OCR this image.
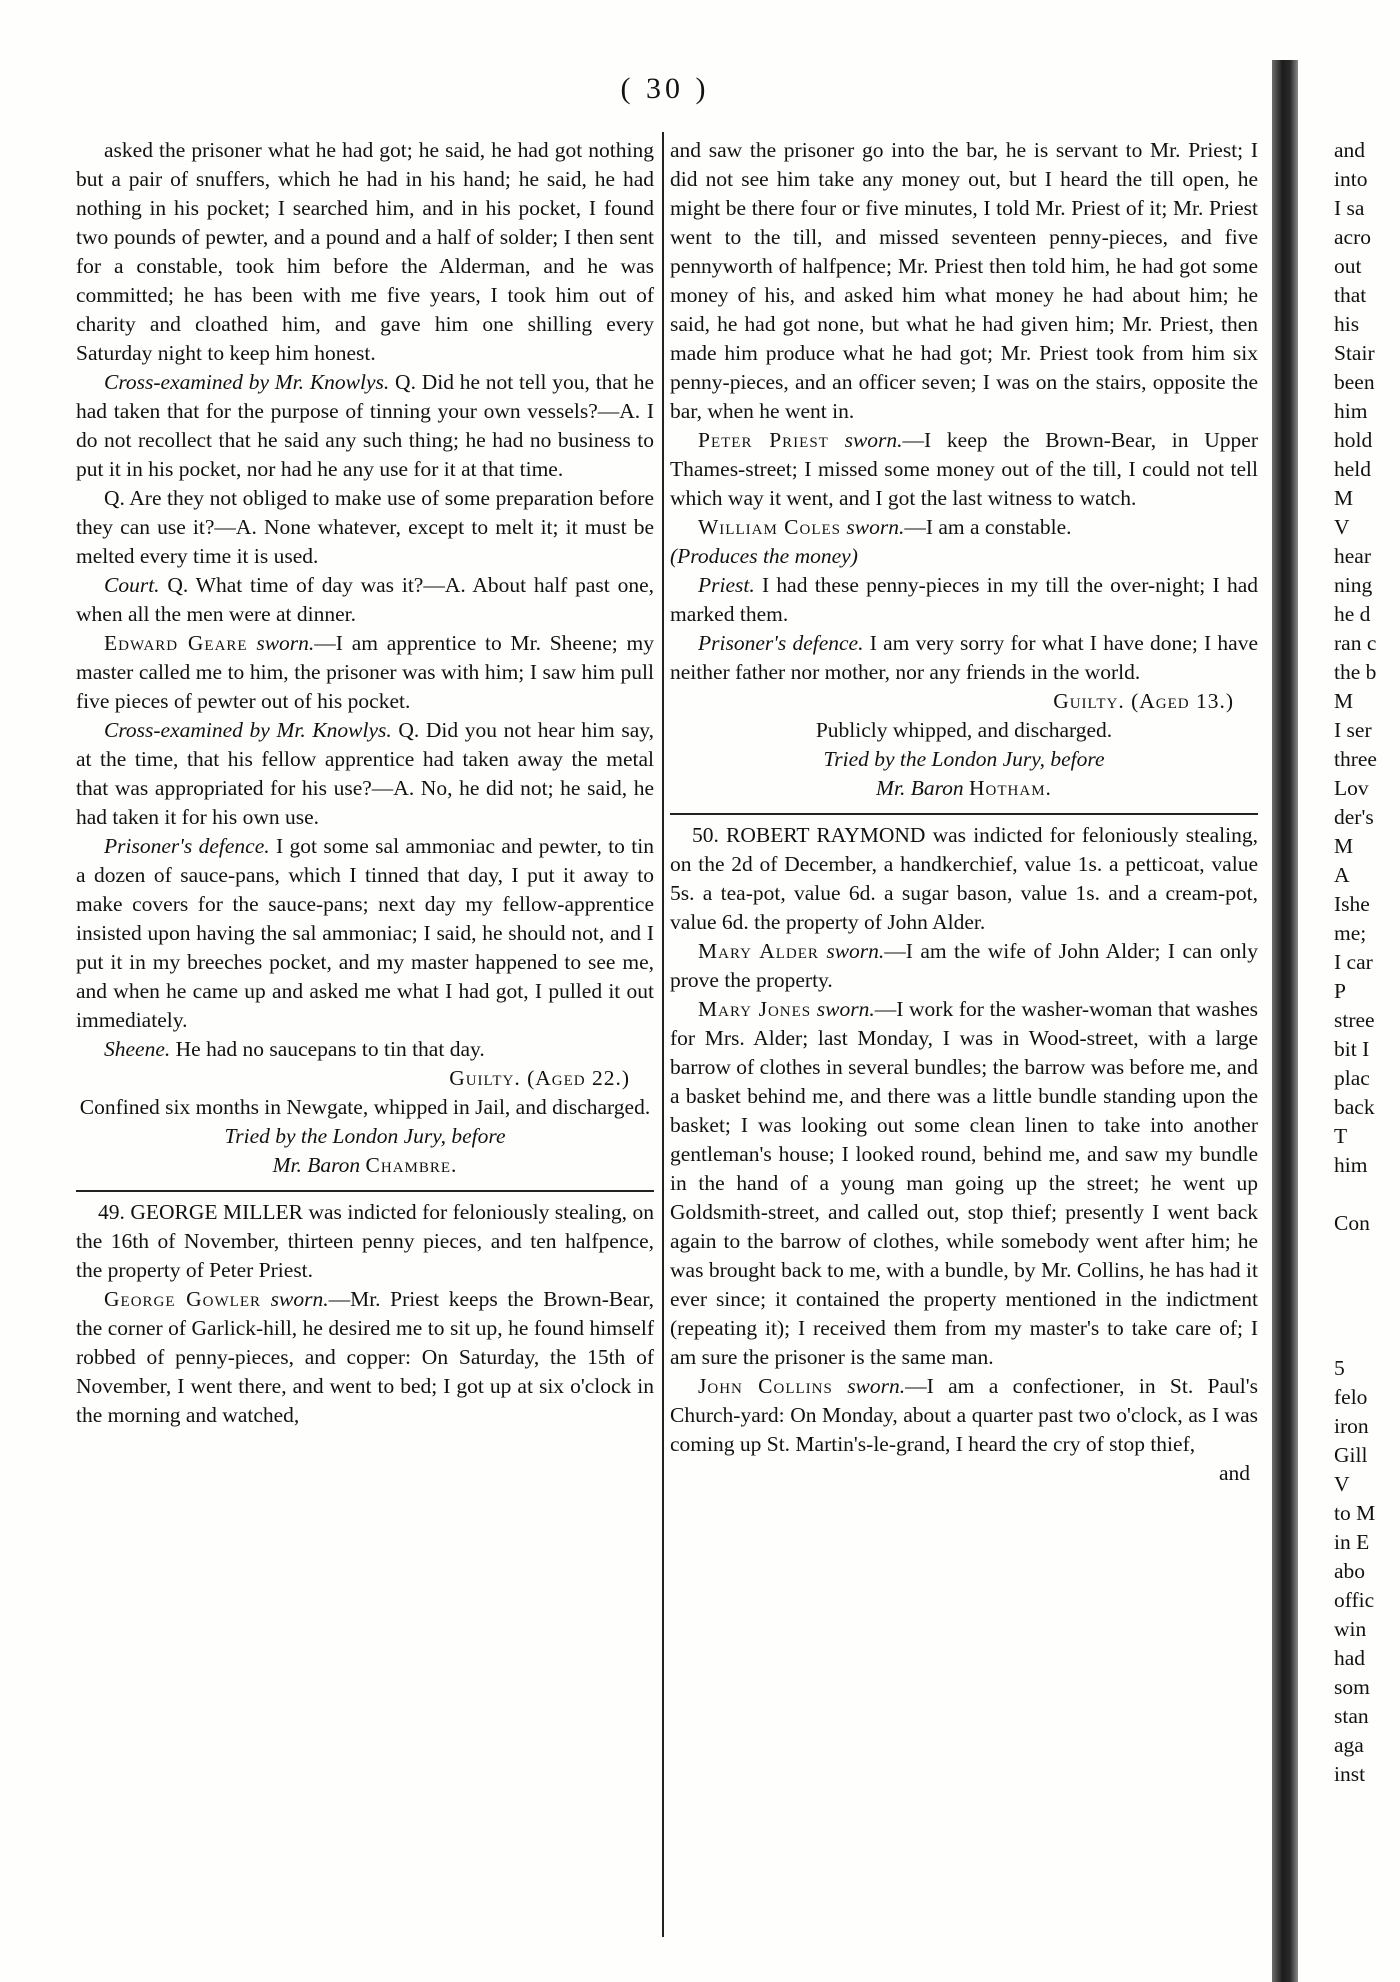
( 30 )

asked the prisoner what he had got; he said, he had got nothing but a pair of snuffers, which he had in his hand; he said, he had nothing in his pocket; I searched him, and in his pocket, I found two pounds of pewter, and a pound and a half of solder; I then sent for a constable, took him before the Alderman, and he was committed; he has been with me five years, I took him out of charity and cloathed him, and gave him one shilling every Saturday night to keep him honest.

Cross-examined by Mr. Knowlys. Q. Did he not tell you, that he had taken that for the purpose of tinning your own vessels?—A. I do not recollect that he said any such thing; he had no business to put it in his pocket, nor had he any use for it at that time.

Q. Are they not obliged to make use of some preparation before they can use it?—A. None whatever, except to melt it; it must be melted every time it is used.

Court. Q. What time of day was it?—A. About half past one, when all the men were at dinner.

Edward Geare sworn.—I am apprentice to Mr. Sheene; my master called me to him, the prisoner was with him; I saw him pull five pieces of pewter out of his pocket.

Cross-examined by Mr. Knowlys. Q. Did you not hear him say, at the time, that his fellow apprentice had taken away the metal that was appropriated for his use?—A. No, he did not; he said, he had taken it for his own use.

Prisoner's defence. I got some sal ammoniac and pewter, to tin a dozen of sauce-pans, which I tinned that day, I put it away to make covers for the sauce-pans; next day my fellow-apprentice insisted upon having the sal ammoniac; I said, he should not, and I put it in my breeches pocket, and my master happened to see me, and when he came up and asked me what I had got, I pulled it out immediately.

Sheene. He had no saucepans to tin that day.

Guilty. (Aged 22.)

Confined six months in Newgate, whipped in Jail, and discharged.

Tried by the London Jury, before

Mr. Baron Chambre.

49. GEORGE MILLER was indicted for feloniously stealing, on the 16th of November, thirteen penny pieces, and ten halfpence, the property of Peter Priest.

George Gowler sworn.—Mr. Priest keeps the Brown-Bear, the corner of Garlick-hill, he desired me to sit up, he found himself robbed of penny-pieces, and copper: On Saturday, the 15th of November, I went there, and went to bed; I got up at six o'clock in the morning and watched,

and saw the prisoner go into the bar, he is servant to Mr. Priest; I did not see him take any money out, but I heard the till open, he might be there four or five minutes, I told Mr. Priest of it; Mr. Priest went to the till, and missed seventeen penny-pieces, and five pennyworth of halfpence; Mr. Priest then told him, he had got some money of his, and asked him what money he had about him; he said, he had got none, but what he had given him; Mr. Priest, then made him produce what he had got; Mr. Priest took from him six penny-pieces, and an officer seven; I was on the stairs, opposite the bar, when he went in.

Peter Priest sworn.—I keep the Brown-Bear, in Upper Thames-street; I missed some money out of the till, I could not tell which way it went, and I got the last witness to watch.

William Coles sworn.—I am a constable.

(Produces the money)

Priest. I had these penny-pieces in my till the over-night; I had marked them.

Prisoner's defence. I am very sorry for what I have done; I have neither father nor mother, nor any friends in the world.

Guilty. (Aged 13.)

Publicly whipped, and discharged.

Tried by the London Jury, before

Mr. Baron Hotham.

50. ROBERT RAYMOND was indicted for feloniously stealing, on the 2d of December, a handkerchief, value 1s. a petticoat, value 5s. a tea-pot, value 6d. a sugar bason, value 1s. and a cream-pot, value 6d. the property of John Alder.

Mary Alder sworn.—I am the wife of John Alder; I can only prove the property.

Mary Jones sworn.—I work for the washer-woman that washes for Mrs. Alder; last Monday, I was in Wood-street, with a large barrow of clothes in several bundles; the barrow was before me, and a basket behind me, and there was a little bundle standing upon the basket; I was looking out some clean linen to take into another gentleman's house; I looked round, behind me, and saw my bundle in the hand of a young man going up the street; he went up Goldsmith-street, and called out, stop thief; presently I went back again to the barrow of clothes, while somebody went after him; he was brought back to me, with a bundle, by Mr. Collins, he has had it ever since; it contained the property mentioned in the indictment (repeating it); I received them from my master's to take care of; I am sure the prisoner is the same man.

John Collins sworn.—I am a confectioner, in St. Paul's Church-yard: On Monday, about a quarter past two o'clock, as I was coming up St. Martin's-le-grand, I heard the cry of stop thief,

and

and
into
I sa
acro
out
that
his
Stair
been
him
hold
held
M
V
hear
ning
he d
ran c
the b
M
I ser
three
Lov
der's
M
A
Ishe
me;
I car
P
stree
bit I
plac
back
T
him
Con
5
felo
iron
Gill
V
to M
in E
abo
offic
win
had
som
stan
aga
inst
